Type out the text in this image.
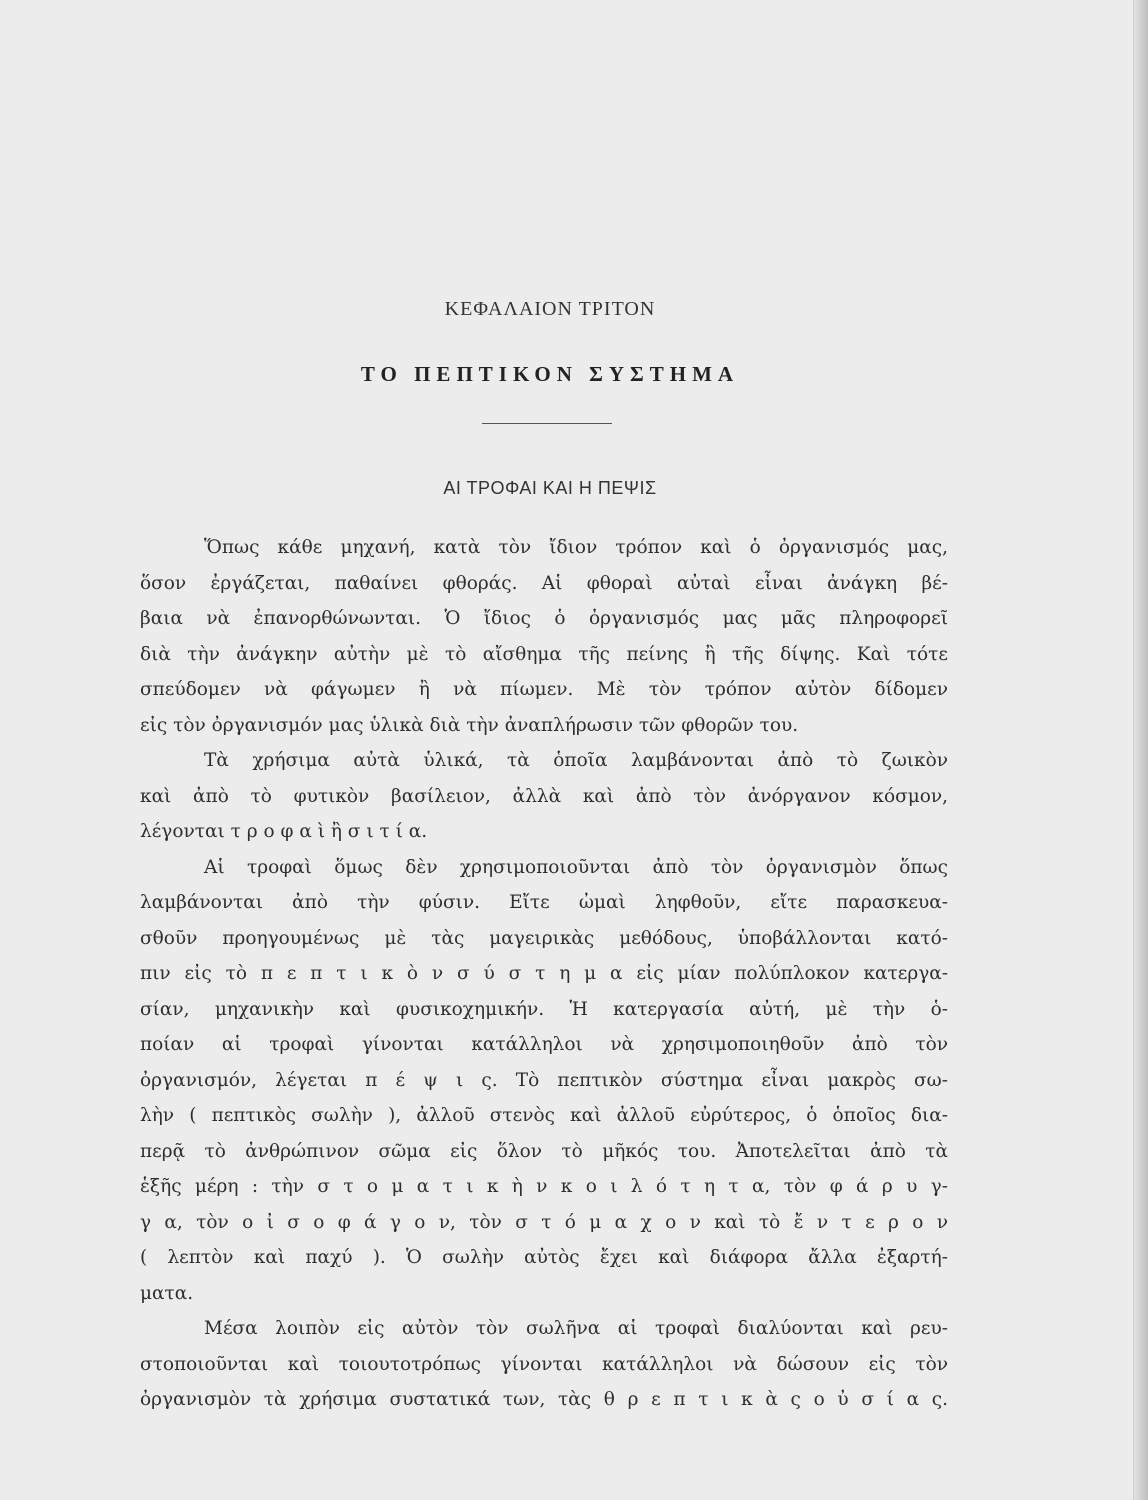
ΚΕΦΑΛΑΙΟΝ ΤΡΙΤΟΝ
ΤΟ ΠΕΠΤΙΚΟΝ ΣΥΣΤΗΜΑ
ΑΙ ΤΡΟΦΑΙ ΚΑΙ Η ΠΕΨΙΣ
Ὅπως κάθε μηχανή, κατὰ τὸν ἴδιον τρόπον καὶ ὁ ὀργανισμός μας,
ὅσον ἐργάζεται, παθαίνει φθοράς. Αἱ φθοραὶ αὐταὶ εἶναι ἀνάγκη βέ-
βαια νὰ ἐπανορθώνωνται. Ὁ ἴδιος ὁ ὀργανισμός μας μᾶς πληροφορεῖ
διὰ τὴν ἀνάγκην αὐτὴν μὲ τὸ αἴσθημα τῆς πείνης ἢ τῆς δίψης. Καὶ τότε
σπεύδομεν νὰ φάγωμεν ἢ νὰ πίωμεν. Μὲ τὸν τρόπον αὐτὸν δίδομεν
εἰς τὸν ὀργανισμόν μας ὑλικὰ διὰ τὴν ἀναπλήρωσιν τῶν φθορῶν του.
Τὰ χρήσιμα αὐτὰ ὑλικά, τὰ ὁποῖα λαμβάνονται ἀπὸ τὸ ζωικὸν
καὶ ἀπὸ τὸ φυτικὸν βασίλειον, ἀλλὰ καὶ ἀπὸ τὸν ἀνόργανον κόσμον,
λέγονται τ ρ ο φ α ὶ ἢ σ ι τ ί α.
Αἱ τροφαὶ ὅμως δὲν χρησιμοποιοῦνται ἀπὸ τὸν ὀργανισμὸν ὅπως
λαμβάνονται ἀπὸ τὴν φύσιν. Εἴτε ὠμαὶ ληφθοῦν, εἴτε παρασκευα-
σθοῦν προηγουμένως μὲ τὰς μαγειρικὰς μεθόδους, ὑποβάλλονται κατό-
πιν εἰς τὸ π ε π τ ι κ ὸ ν σ ύ σ τ η μ α εἰς μίαν πολύπλοκον κατεργα-
σίαν, μηχανικὴν καὶ φυσικοχημικήν. Ἡ κατεργασία αὐτή, μὲ τὴν ὁ-
ποίαν αἱ τροφαὶ γίνονται κατάλληλοι νὰ χρησιμοποιηθοῦν ἀπὸ τὸν
ὀργανισμόν, λέγεται π έ ψ ι ς. Τὸ πεπτικὸν σύστημα εἶναι μακρὸς σω-
λὴν ( πεπτικὸς σωλὴν ), ἀλλοῦ στενὸς καὶ ἀλλοῦ εὐρύτερος, ὁ ὁποῖος δια-
περᾷ τὸ ἀνθρώπινον σῶμα εἰς ὅλον τὸ μῆκός του. Ἀποτελεῖται ἀπὸ τὰ
ἑξῆς μέρη : τὴν σ τ ο μ α τ ι κ ὴ ν κ ο ι λ ό τ η τ α, τὸν φ ά ρ υ γ-
γ α, τὸν ο ἰ σ ο φ ά γ ο ν, τὸν σ τ ό μ α χ ο ν καὶ τὸ ἔ ν τ ε ρ ο ν
( λεπτὸν καὶ παχύ ). Ὁ σωλὴν αὐτὸς ἔχει καὶ διάφορα ἄλλα ἐξαρτή-
ματα.
Μέσα λοιπὸν εἰς αὐτὸν τὸν σωλῆνα αἱ τροφαὶ διαλύονται καὶ ρευ-
στοποιοῦνται καὶ τοιουτοτρόπως γίνονται κατάλληλοι νὰ δώσουν εἰς τὸν
ὀργανισμὸν τὰ χρήσιμα συστατικά των, τὰς θ ρ ε π τ ι κ ὰ ς ο ὐ σ ί α ς.
